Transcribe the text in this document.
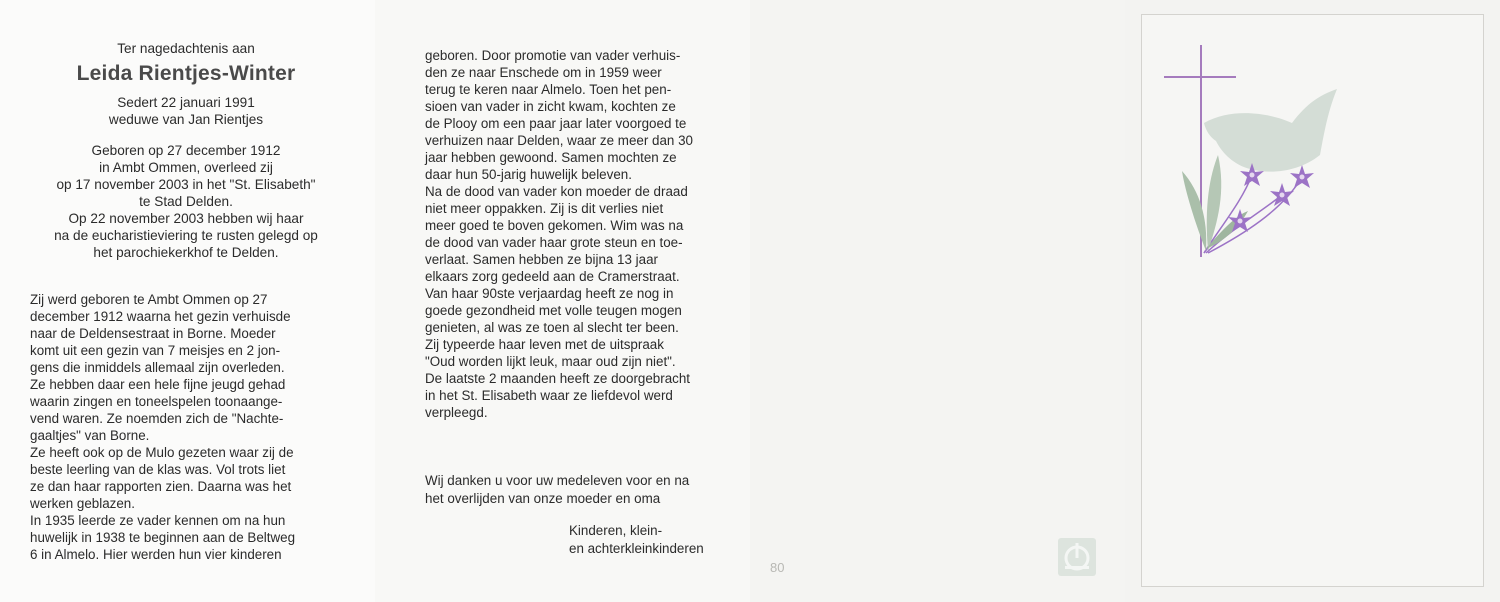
Ter nagedachtenis aan
Leida Rientjes-Winter
Sedert 22 januari 1991
weduwe van Jan Rientjes
Geboren op 27 december 1912
in Ambt Ommen, overleed zij
op 17 november 2003 in het "St. Elisabeth"
te Stad Delden.
Op 22 november 2003 hebben wij haar
na de eucharistieviering te rusten gelegd op
het parochiekerkhof te Delden.
Zij werd geboren te Ambt Ommen op 27
december 1912 waarna het gezin verhuisde
naar de Deldensestraat in Borne. Moeder
komt uit een gezin van 7 meisjes en 2 jon-
gens die inmiddels allemaal zijn overleden.
Ze hebben daar een hele fijne jeugd gehad
waarin zingen en toneelspelen toonaange-
vend waren. Ze noemden zich de "Nachte-
gaaltjes" van Borne.
Ze heeft ook op de Mulo gezeten waar zij de
beste leerling van de klas was. Vol trots liet
ze dan haar rapporten zien. Daarna was het
werken geblazen.
In 1935 leerde ze vader kennen om na hun
huwelijk in 1938 te beginnen aan de Beltweg
6 in Almelo. Hier werden hun vier kinderen
geboren. Door promotie van vader verhuis-
den ze naar Enschede om in 1959 weer
terug te keren naar Almelo. Toen het pen-
sioen van vader in zicht kwam, kochten ze
de Plooy om een paar jaar later voorgoed te
verhuizen naar Delden, waar ze meer dan 30
jaar hebben gewoond. Samen mochten ze
daar hun 50-jarig huwelijk beleven.
Na de dood van vader kon moeder de draad
niet meer oppakken. Zij is dit verlies niet
meer goed te boven gekomen. Wim was na
de dood van vader haar grote steun en toe-
verlaat. Samen hebben ze bijna 13 jaar
elkaars zorg gedeeld aan de Cramerstraat.
Van haar 90ste verjaardag heeft ze nog in
goede gezondheid met volle teugen mogen
genieten, al was ze toen al slecht ter been.
Zij typeerde haar leven met de uitspraak
"Oud worden lijkt leuk, maar oud zijn niet".
De laatste 2 maanden heeft ze doorgebracht
in het St. Elisabeth waar ze liefdevol werd
verpleegd.
Wij danken u voor uw medeleven voor en na
het overlijden van onze moeder en oma
Kinderen, klein-
en achterkleinkinderen
80
